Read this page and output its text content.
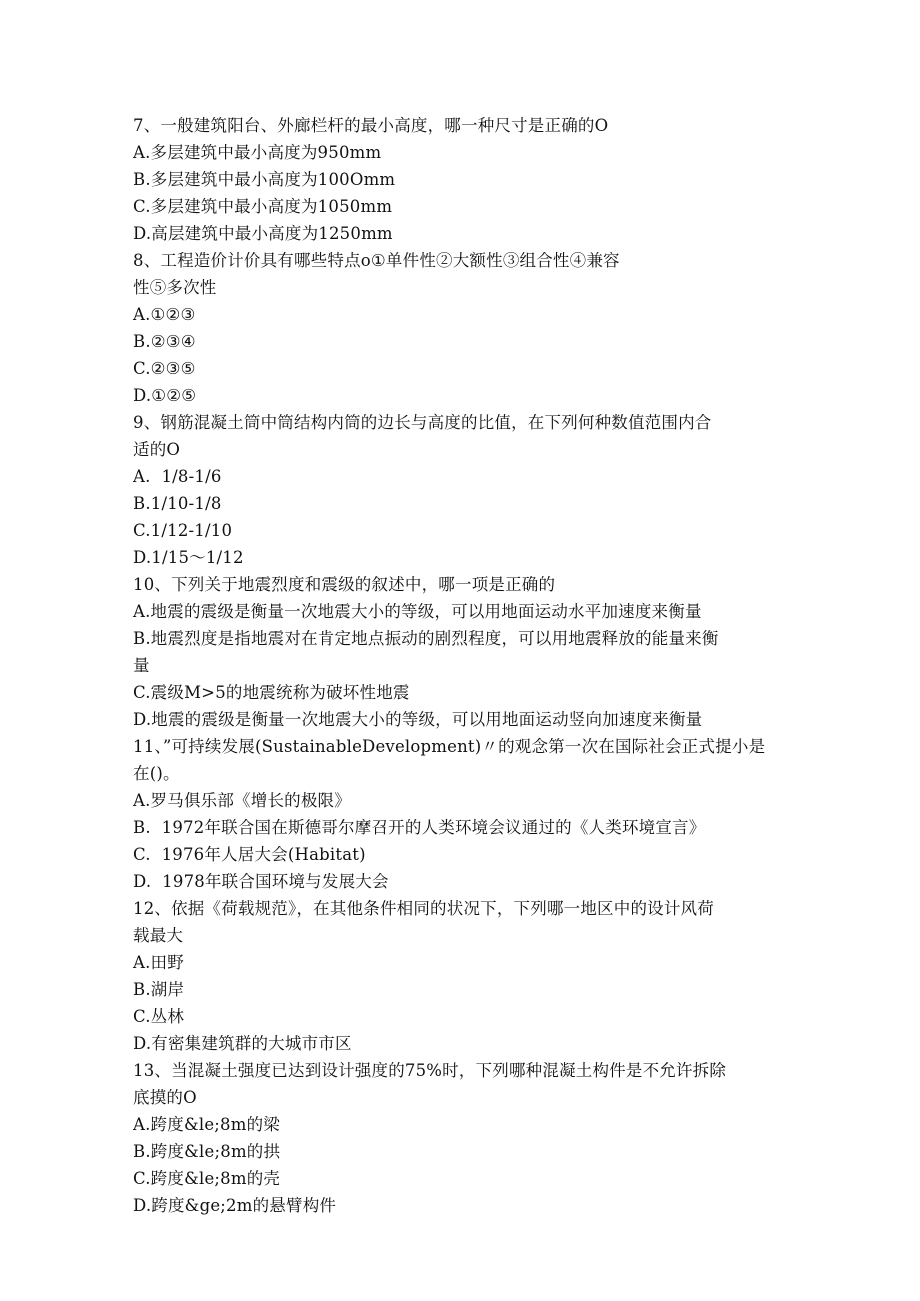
7、一般建筑阳台、外廊栏杆的最小高度，哪一种尺寸是正确的O
A.多层建筑中最小高度为950mm
B.多层建筑中最小高度为100Omm
C.多层建筑中最小高度为1050mm
D.高层建筑中最小高度为1250mm
8、工程造价计价具有哪些特点o①单件性②大额性③组合性④兼容
性⑤多次性
A.①②③
B.②③④
C.②③⑤
D.①②⑤
9、钢筋混凝土筒中筒结构内筒的边长与高度的比值，在下列何种数值范围内合
适的O
A.  1/8-1/6
B.1/10-1/8
C.1/12-1/10
D.1/15～1/12
10、下列关于地震烈度和震级的叙述中，哪一项是正确的
A.地震的震级是衡量一次地震大小的等级，可以用地面运动水平加速度来衡量
B.地震烈度是指地震对在肯定地点振动的剧烈程度，可以用地震释放的能量来衡
量
C.震级M>5的地震统称为破坏性地震
D.地震的震级是衡量一次地震大小的等级，可以用地面运动竖向加速度来衡量
11、”可持续发展(SustainableDevelopment)〃的观念第一次在国际社会正式提小是
在()。
A.罗马俱乐部《增长的极限》
B.  1972年联合国在斯德哥尔摩召开的人类环境会议通过的《人类环境宣言》
C.  1976年人居大会(Habitat)
D.  1978年联合国环境与发展大会
12、依据《荷载规范》，在其他条件相同的状况下，下列哪一地区中的设计风荷
载最大
A.田野
B.湖岸
C.丛林
D.有密集建筑群的大城市市区
13、当混凝土强度已达到设计强度的75%时，下列哪种混凝土构件是不允许拆除
底摸的O
A.跨度&le;8m的梁
B.跨度&le;8m的拱
C.跨度&le;8m的壳
D.跨度&ge;2m的悬臂构件
